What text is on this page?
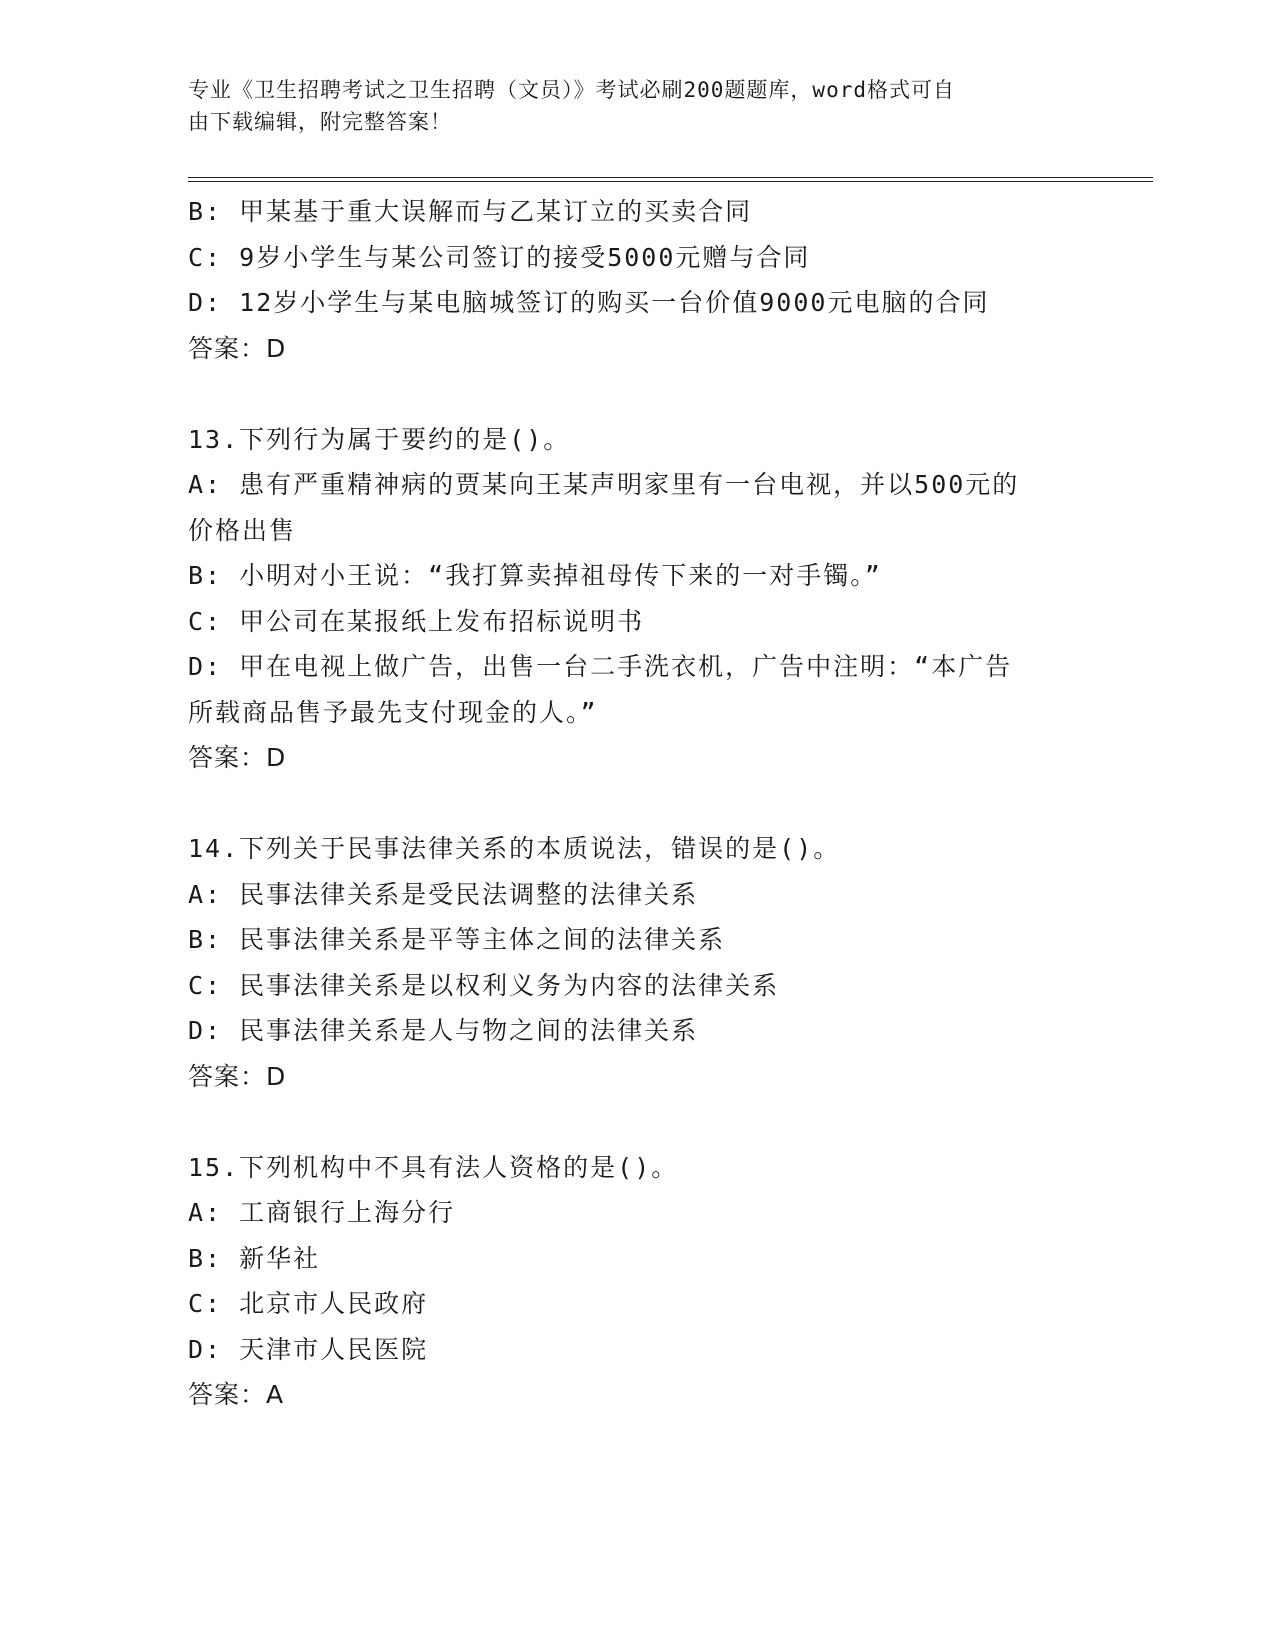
专业《卫生招聘考试之卫生招聘（文员）》考试必刷200题题库，word格式可自
由下载编辑，附完整答案！
B: 甲某基于重大误解而与乙某订立的买卖合同
C: 9岁小学生与某公司签订的接受5000元赠与合同
D: 12岁小学生与某电脑城签订的购买一台价值9000元电脑的合同
答案：D
13.下列行为属于要约的是()。
A: 患有严重精神病的贾某向王某声明家里有一台电视，并以500元的
价格出售
B: 小明对小王说：“我打算卖掉祖母传下来的一对手镯。”
C: 甲公司在某报纸上发布招标说明书
D: 甲在电视上做广告，出售一台二手洗衣机，广告中注明：“本广告
所载商品售予最先支付现金的人。”
答案：D
14.下列关于民事法律关系的本质说法，错误的是()。
A: 民事法律关系是受民法调整的法律关系
B: 民事法律关系是平等主体之间的法律关系
C: 民事法律关系是以权利义务为内容的法律关系
D: 民事法律关系是人与物之间的法律关系
答案：D
15.下列机构中不具有法人资格的是()。
A: 工商银行上海分行
B: 新华社
C: 北京市人民政府
D: 天津市人民医院
答案：A
